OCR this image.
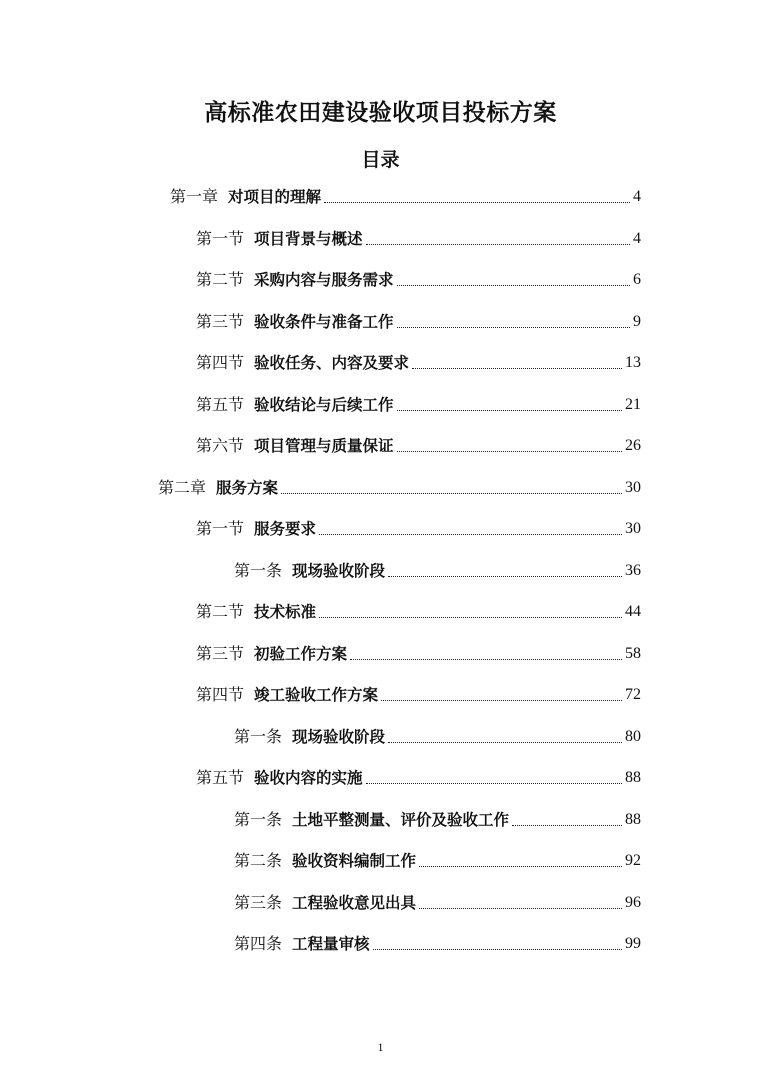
高标准农田建设验收项目投标方案
目录
第一章 对项目的理解	4
第一节 项目背景与概述	4
第二节 采购内容与服务需求	6
第三节 验收条件与准备工作	9
第四节 验收任务、内容及要求	13
第五节 验收结论与后续工作	21
第六节 项目管理与质量保证	26
第二章 服务方案	30
第一节 服务要求	30
第一条 现场验收阶段	36
第二节 技术标准	44
第三节 初验工作方案	58
第四节 竣工验收工作方案	72
第一条 现场验收阶段	80
第五节 验收内容的实施	88
第一条 土地平整测量、评价及验收工作	88
第二条 验收资料编制工作	92
第三条 工程验收意见出具	96
第四条 工程量审核	99
1
